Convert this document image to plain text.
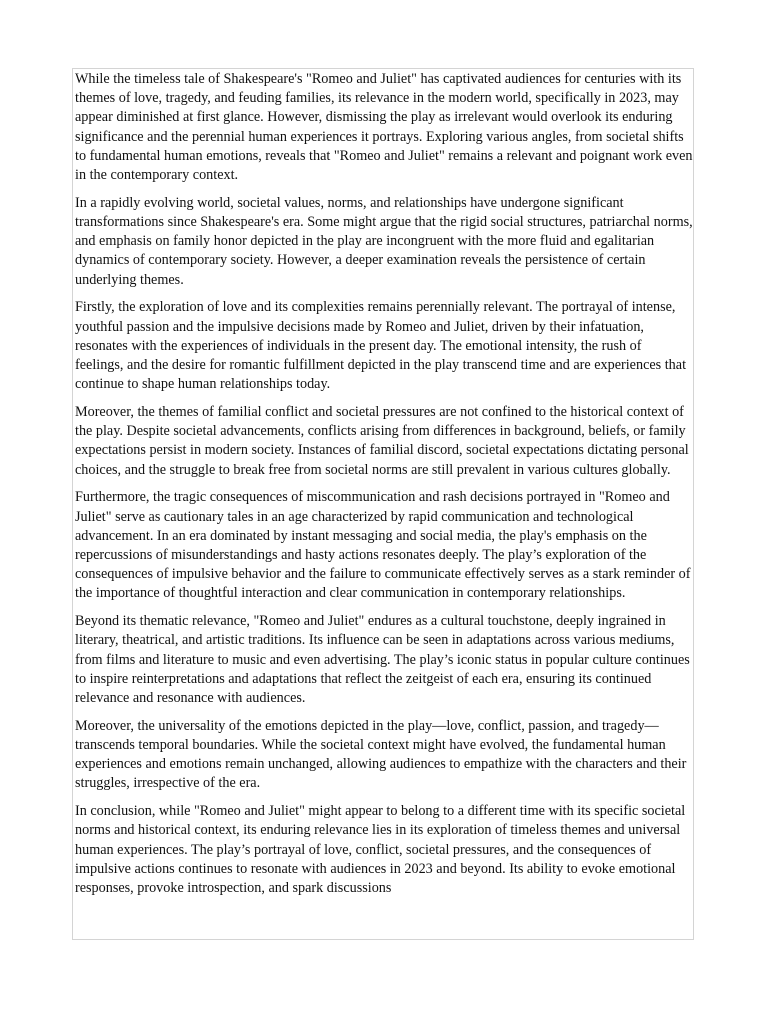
While the timeless tale of Shakespeare's "Romeo and Juliet" has captivated audiences for centuries with its themes of love, tragedy, and feuding families, its relevance in the modern world, specifically in 2023, may appear diminished at first glance. However, dismissing the play as irrelevant would overlook its enduring significance and the perennial human experiences it portrays. Exploring various angles, from societal shifts to fundamental human emotions, reveals that "Romeo and Juliet" remains a relevant and poignant work even in the contemporary context.

In a rapidly evolving world, societal values, norms, and relationships have undergone significant transformations since Shakespeare's era. Some might argue that the rigid social structures, patriarchal norms, and emphasis on family honor depicted in the play are incongruent with the more fluid and egalitarian dynamics of contemporary society. However, a deeper examination reveals the persistence of certain underlying themes.

Firstly, the exploration of love and its complexities remains perennially relevant. The portrayal of intense, youthful passion and the impulsive decisions made by Romeo and Juliet, driven by their infatuation, resonates with the experiences of individuals in the present day. The emotional intensity, the rush of feelings, and the desire for romantic fulfillment depicted in the play transcend time and are experiences that continue to shape human relationships today.

Moreover, the themes of familial conflict and societal pressures are not confined to the historical context of the play. Despite societal advancements, conflicts arising from differences in background, beliefs, or family expectations persist in modern society. Instances of familial discord, societal expectations dictating personal choices, and the struggle to break free from societal norms are still prevalent in various cultures globally.

Furthermore, the tragic consequences of miscommunication and rash decisions portrayed in "Romeo and Juliet" serve as cautionary tales in an age characterized by rapid communication and technological advancement. In an era dominated by instant messaging and social media, the play's emphasis on the repercussions of misunderstandings and hasty actions resonates deeply. The play’s exploration of the consequences of impulsive behavior and the failure to communicate effectively serves as a stark reminder of the importance of thoughtful interaction and clear communication in contemporary relationships.

Beyond its thematic relevance, "Romeo and Juliet" endures as a cultural touchstone, deeply ingrained in literary, theatrical, and artistic traditions. Its influence can be seen in adaptations across various mediums, from films and literature to music and even advertising. The play’s iconic status in popular culture continues to inspire reinterpretations and adaptations that reflect the zeitgeist of each era, ensuring its continued relevance and resonance with audiences.

Moreover, the universality of the emotions depicted in the play—love, conflict, passion, and tragedy—transcends temporal boundaries. While the societal context might have evolved, the fundamental human experiences and emotions remain unchanged, allowing audiences to empathize with the characters and their struggles, irrespective of the era.

In conclusion, while "Romeo and Juliet" might appear to belong to a different time with its specific societal norms and historical context, its enduring relevance lies in its exploration of timeless themes and universal human experiences. The play’s portrayal of love, conflict, societal pressures, and the consequences of impulsive actions continues to resonate with audiences in 2023 and beyond. Its ability to evoke emotional responses, provoke introspection, and spark discussions
